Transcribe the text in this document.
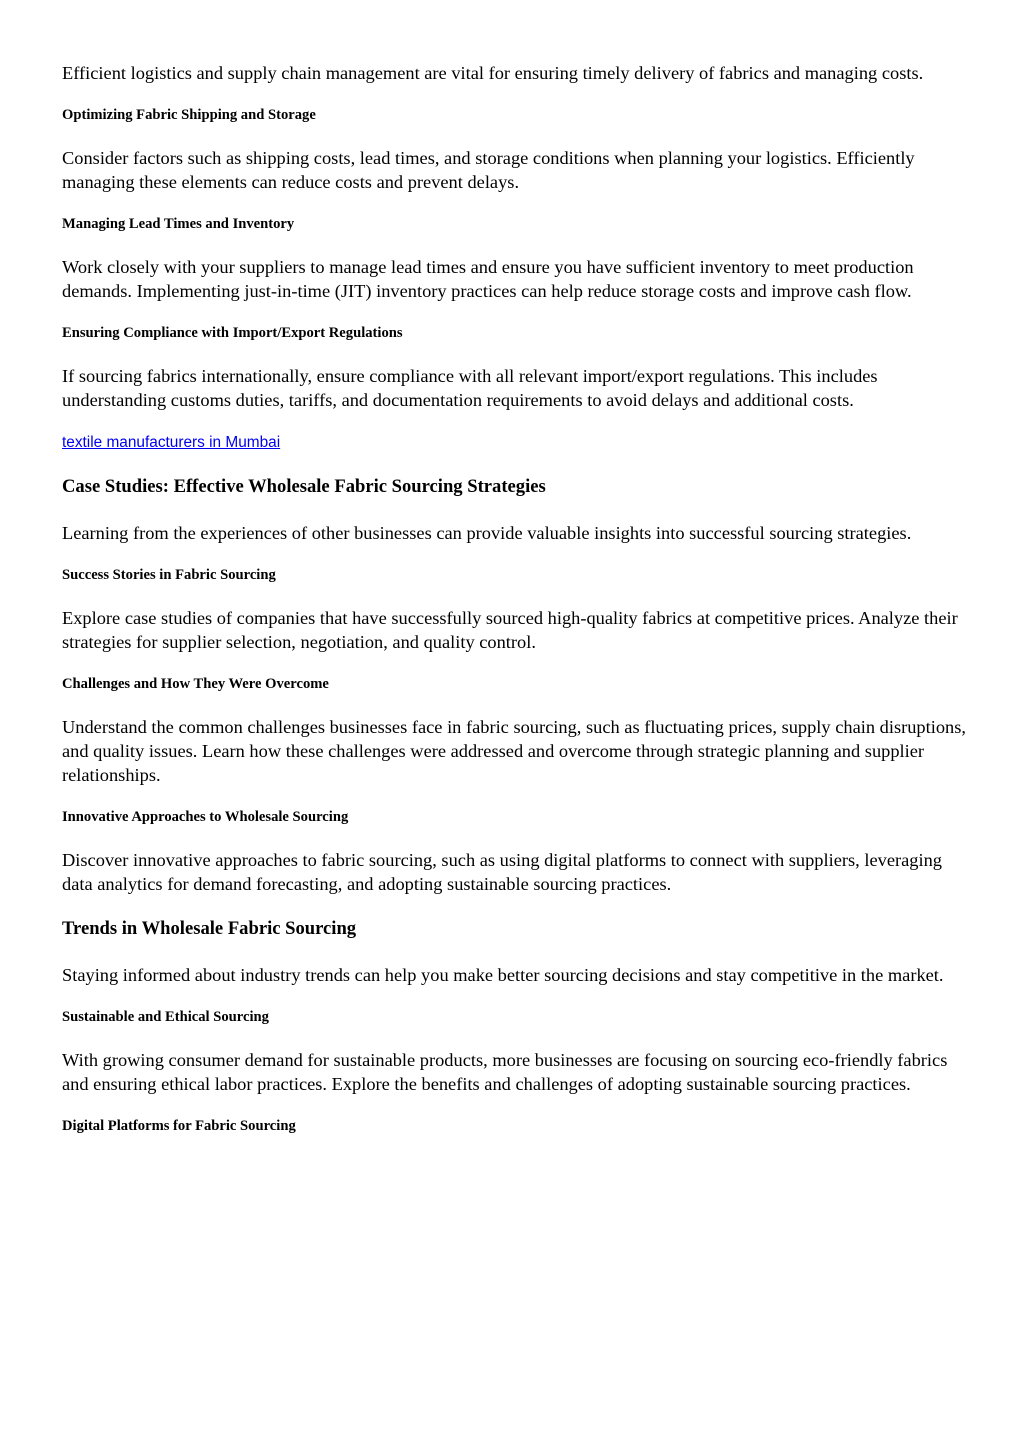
Efficient logistics and supply chain management are vital for ensuring timely delivery of fabrics and managing costs.

Optimizing Fabric Shipping and Storage

Consider factors such as shipping costs, lead times, and storage conditions when planning your logistics. Efficiently managing these elements can reduce costs and prevent delays.

Managing Lead Times and Inventory

Work closely with your suppliers to manage lead times and ensure you have sufficient inventory to meet production demands. Implementing just-in-time (JIT) inventory practices can help reduce storage costs and improve cash flow.

Ensuring Compliance with Import/Export Regulations

If sourcing fabrics internationally, ensure compliance with all relevant import/export regulations. This includes understanding customs duties, tariffs, and documentation requirements to avoid delays and additional costs.

textile manufacturers in Mumbai
Case Studies: Effective Wholesale Fabric Sourcing Strategies

Learning from the experiences of other businesses can provide valuable insights into successful sourcing strategies.

Success Stories in Fabric Sourcing

Explore case studies of companies that have successfully sourced high-quality fabrics at competitive prices. Analyze their strategies for supplier selection, negotiation, and quality control.

Challenges and How They Were Overcome

Understand the common challenges businesses face in fabric sourcing, such as fluctuating prices, supply chain disruptions, and quality issues. Learn how these challenges were addressed and overcome through strategic planning and supplier relationships.

Innovative Approaches to Wholesale Sourcing

Discover innovative approaches to fabric sourcing, such as using digital platforms to connect with suppliers, leveraging data analytics for demand forecasting, and adopting sustainable sourcing practices.

Trends in Wholesale Fabric Sourcing

Staying informed about industry trends can help you make better sourcing decisions and stay competitive in the market.

Sustainable and Ethical Sourcing

With growing consumer demand for sustainable products, more businesses are focusing on sourcing eco-friendly fabrics and ensuring ethical labor practices. Explore the benefits and challenges of adopting sustainable sourcing practices.

Digital Platforms for Fabric Sourcing
